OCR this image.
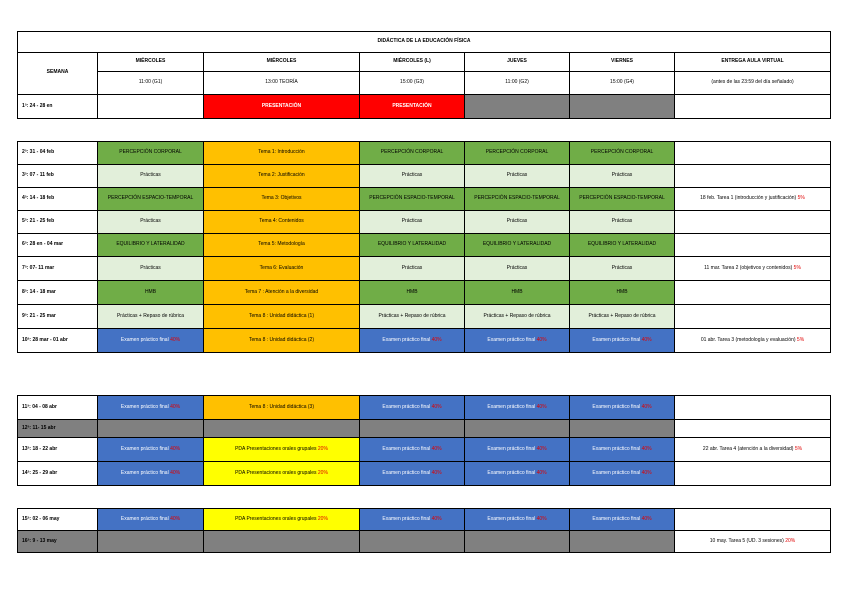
DIDÁCTICA DE LA EDUCACIÓN FÍSICA						
SEMANA	MIÉRCOLES	MIÉRCOLES	MIÉRCOLES (L)	JUEVES	VIERNES	ENTREGA AULA VIRTUAL
	11:00 (G1)	13:00 TEORÍA	15:00 (G3)	11:00 (G2)	15:00 (G4)	(antes de las 23:59 del día señalado)
1ª: 24 - 28 en		PRESENTACIÓN	PRESENTACIÓN			
2ª: 31 - 04 feb	PERCEPCIÓN CORPORAL	Tema 1: Introducción	PERCEPCIÓN CORPORAL	PERCEPCIÓN CORPORAL	PERCEPCIÓN CORPORAL	
3ª: 07 - 11 feb	Prácticas	Tema 2: Justificación	Prácticas	Prácticas	Prácticas	
4ª: 14 - 18 feb	PERCEPCIÓN ESPACIO-TEMPORAL	Tema 3: Objetivos	PERCEPCIÓN ESPACIO-TEMPORAL	PERCEPCIÓN ESPACIO-TEMPORAL	PERCEPCIÓN ESPACIO-TEMPORAL	18 feb. Tarea 1 (introducción y justificación) 5%
5ª: 21 - 25 feb	Prácticas	Tema 4: Contenidos	Prácticas	Prácticas	Prácticas	
6ª: 28 en - 04 mar	EQUILIBRIO Y LATERALIDAD	Tema 5: Metodología	EQUILIBRIO Y LATERALIDAD	EQUILIBRIO Y LATERALIDAD	EQUILIBRIO Y LATERALIDAD	
7ª: 07- 11 mar	Prácticas	Tema 6: Evaluación	Prácticas	Prácticas	Prácticas	11 mar. Tarea 2 (objetivos y contenidos) 5%
8ª: 14 - 18 mar	HMB	Tema 7 : Atención a la diversidad	HMB	HMB	HMB	
9ª: 21 - 25 mar	Prácticas + Repaso de rúbrica	Tema 8 : Unidad didáctica (1)	Prácticas + Repaso de rúbrica	Prácticas + Repaso de rúbrica	Prácticas + Repaso de rúbrica	
10ª: 28 mar - 01 abr	Examen práctico final 40%	Tema 8 : Unidad didáctica (2)	Examen práctico final 40%	Examen práctico final 40%	Examen práctico final 40%	01 abr. Tarea 3 (metodología y evaluación) 5%
11ª: 04 - 08 abr	Examen práctico final 40%	Tema 8 : Unidad didáctica (3)	Examen práctico final 40%	Examen práctico final 40%	Examen práctico final 40%	
12ª: 11- 15 abr						
13ª: 18 - 22 abr	Examen práctico final 40%	PDA Presentaciones orales grupales 20%	Examen práctico final 40%	Examen práctico final 40%	Examen práctico final 40%	22 abr. Tarea 4 (atención a la diversidad) 5%
14ª: 25 - 29 abr	Examen práctico final 40%	PDA Presentaciones orales grupales 20%	Examen práctico final 40%	Examen práctico final 40%	Examen práctico final 40%	
15ª: 02 - 06 may	Examen práctico final 40%	PDA Presentaciones orales grupales 20%	Examen práctico final 40%	Examen práctico final 40%	Examen práctico final 40%	
16ª: 9 - 13 may						10 may. Tarea 5 (UD. 3 sesiones) 20%
